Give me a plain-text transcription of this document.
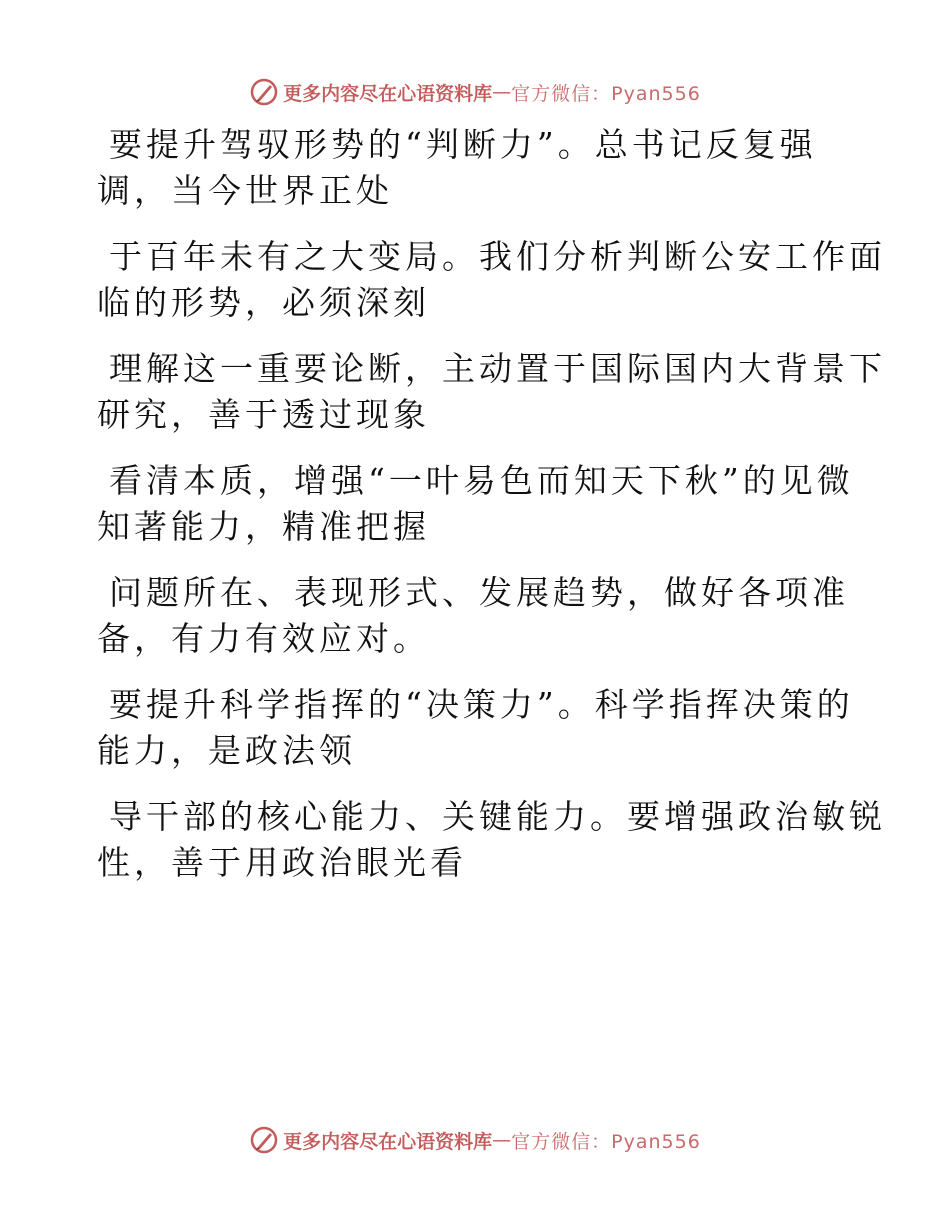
更多内容尽在心语资料库 — 官方微信：Pyan556

要提升驾驭形势的“判断力”。总书记反复强
调，当今世界正处

于百年未有之大变局。我们分析判断公安工作面
临的形势，必须深刻

理解这一重要论断，主动置于国际国内大背景下
研究，善于透过现象

看清本质，增强“一叶易色而知天下秋”的见微
知著能力，精准把握

问题所在、表现形式、发展趋势，做好各项准
备，有力有效应对。

要提升科学指挥的“决策力”。科学指挥决策的
能力，是政法领

导干部的核心能力、关键能力。要增强政治敏锐
性，善于用政治眼光看

更多内容尽在心语资料库 — 官方微信：Pyan556
